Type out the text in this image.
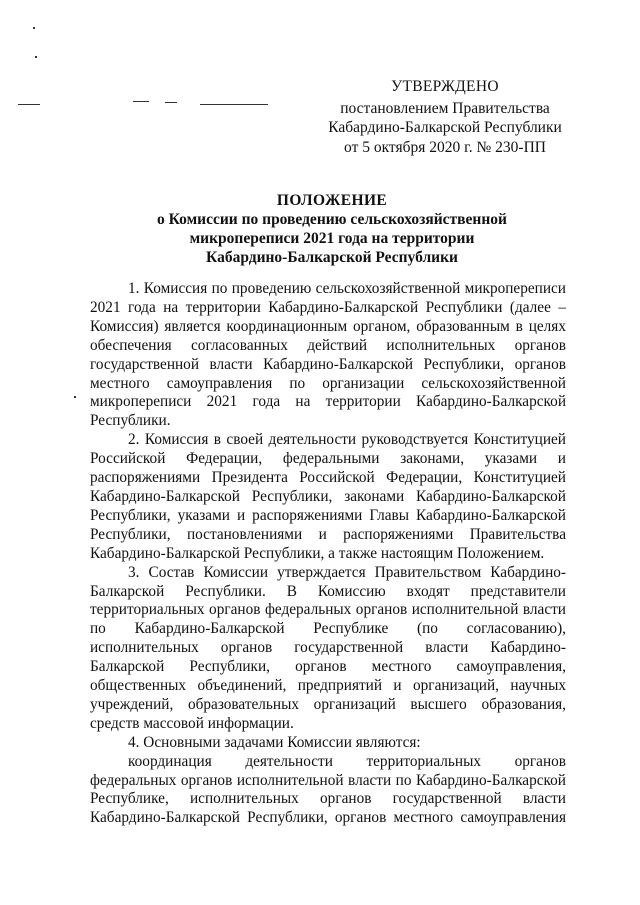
УТВЕРЖДЕНО
постановлением Правительства
Кабардино-Балкарской Республики
от 5 октября 2020 г. № 230-ПП
ПОЛОЖЕНИЕ
о Комиссии по проведению сельскохозяйственной
микропереписи 2021 года на территории
Кабардино-Балкарской Республики

1. Комиссия по проведению сельскохозяйственной микропереписи 2021 года на территории Кабардино-Балкарской Республики (далее – Комиссия) является координационным органом, образованным в целях обеспечения согласованных действий исполнительных органов государственной власти Кабардино-Балкарской Республики, органов местного самоуправления по организации сельскохозяйственной микропереписи 2021 года на территории Кабардино-Балкарской Республики.

2. Комиссия в своей деятельности руководствуется Конституцией Российской Федерации, федеральными законами, указами и распоряжениями Президента Российской Федерации, Конституцией Кабардино-Балкарской Республики, законами Кабардино-Балкарской Республики, указами и распоряжениями Главы Кабардино-Балкарской Республики, постановлениями и распоряжениями Правительства Кабардино-Балкарской Республики, а также настоящим Положением.

3. Состав Комиссии утверждается Правительством Кабардино-Балкарской Республики. В Комиссию входят представители территориальных органов федеральных органов исполнительной власти по Кабардино-Балкарской Республике (по согласованию), исполнительных органов государственной власти Кабардино-Балкарской Республики, органов местного самоуправления, общественных объединений, предприятий и организаций, научных учреждений, образовательных организаций высшего образования, средств массовой информации.

4. Основными задачами Комиссии являются:

координация деятельности территориальных органов федеральных органов исполнительной власти по Кабардино-Балкарской Республике, исполнительных органов государственной власти Кабардино-Балкарской Республики, органов местного самоуправления
